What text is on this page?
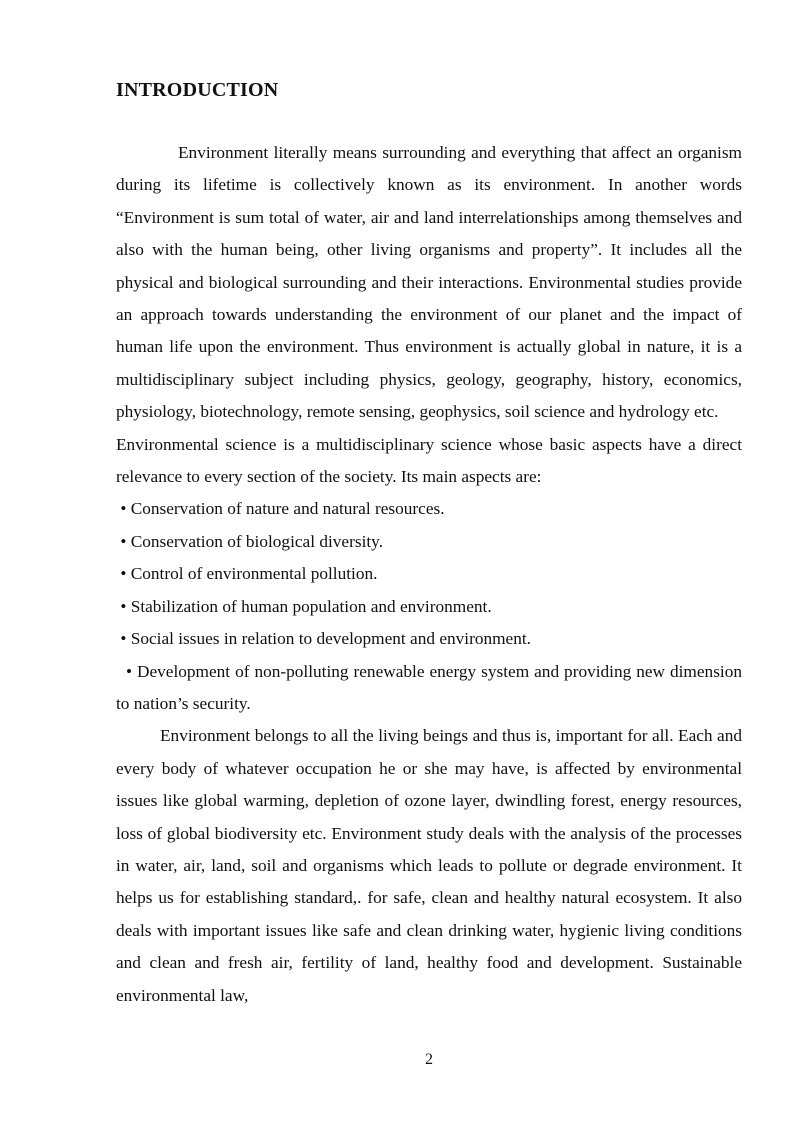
INTRODUCTION

Environment literally means surrounding and everything that affect an organism during its lifetime is collectively known as its environment. In another words “Environment is sum total of water, air and land interrelationships among themselves and also with the human being, other living organisms and property”. It includes all the physical and biological surrounding and their interactions. Environmental studies provide an approach towards understanding the environment of our planet and the impact of human life upon the environment. Thus environment is actually global in nature, it is a multidisciplinary subject including physics, geology, geography, history, economics, physiology, biotechnology, remote sensing, geophysics, soil science and hydrology etc.

Environmental science is a multidisciplinary science whose basic aspects have a direct relevance to every section of the society. Its main aspects are:

• Conservation of nature and natural resources.

• Conservation of biological diversity.

• Control of environmental pollution.

• Stabilization of human population and environment.

• Social issues in relation to development and environment.

• Development of non-polluting renewable energy system and providing new dimension to nation’s security.

Environment belongs to all the living beings and thus is, important for all. Each and every body of whatever occupation he or she may have, is affected by environmental issues like global warming, depletion of ozone layer, dwindling forest, energy resources, loss of global biodiversity etc. Environment study deals with the analysis of the processes in water, air, land, soil and organisms which leads to pollute or degrade environment. It helps us for establishing standard,. for safe, clean and healthy natural ecosystem. It also deals with important issues like safe and clean drinking water, hygienic living conditions and clean and fresh air, fertility of land, healthy food and development. Sustainable environmental law,

2
